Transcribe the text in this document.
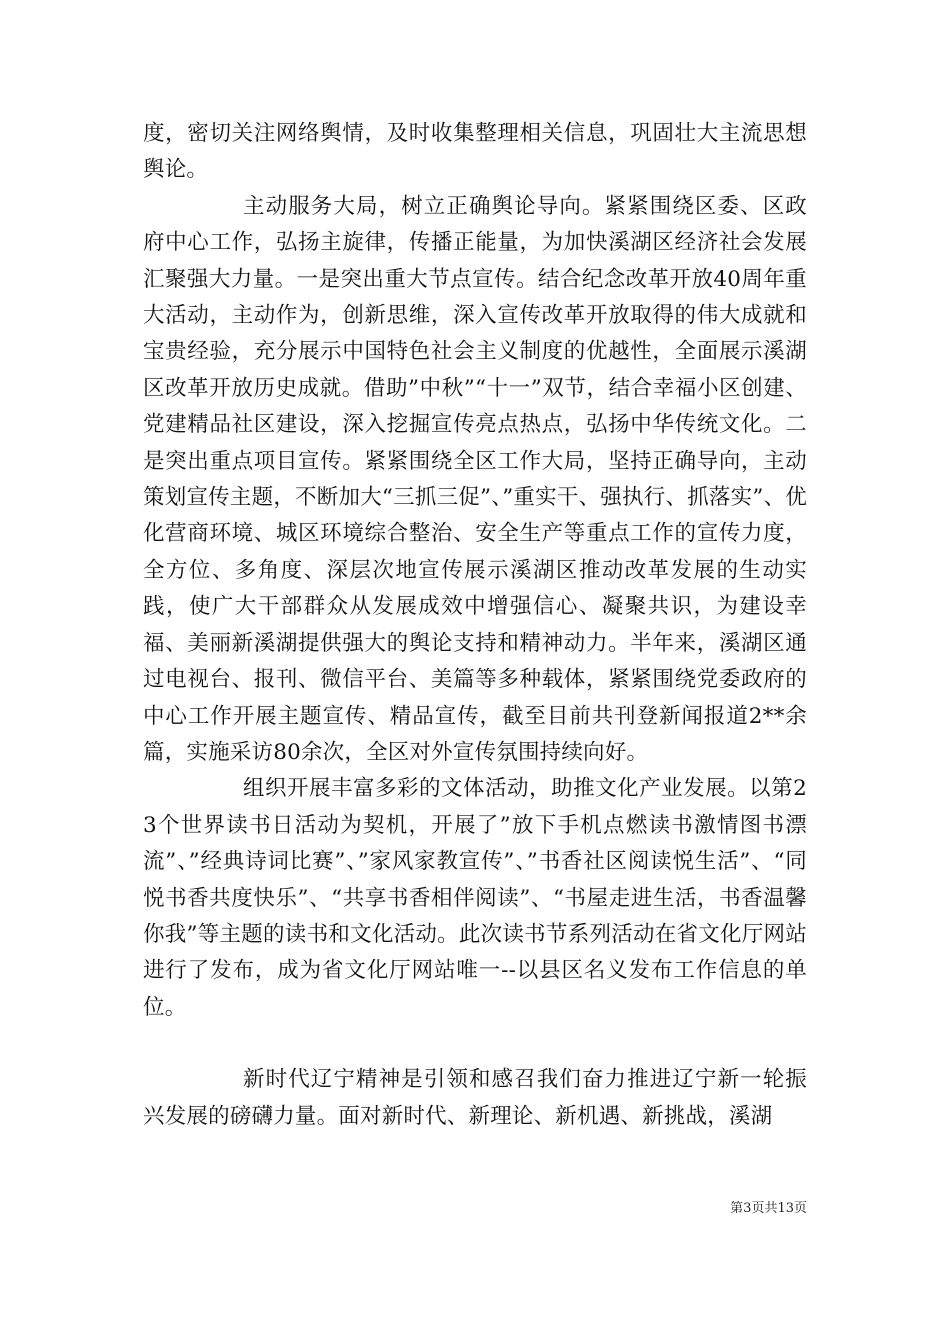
度，密切关注网络舆情，及时收集整理相关信息，巩固壮大主流思想舆论。

主动服务大局，树立正确舆论导向。紧紧围绕区委、区政府中心工作，弘扬主旋律，传播正能量，为加快溪湖区经济社会发展汇聚强大力量。一是突出重大节点宣传。结合纪念改革开放40周年重大活动，主动作为，创新思维，深入宣传改革开放取得的伟大成就和宝贵经验，充分展示中国特色社会主义制度的优越性，全面展示溪湖区改革开放历史成就。借助”中秋”“十一”双节，结合幸福小区创建、党建精品社区建设，深入挖掘宣传亮点热点，弘扬中华传统文化。二是突出重点项目宣传。紧紧围绕全区工作大局，坚持正确导向，主动策划宣传主题，不断加大“三抓三促”、”重实干、强执行、抓落实”、优化营商环境、城区环境综合整治、安全生产等重点工作的宣传力度，全方位、多角度、深层次地宣传展示溪湖区推动改革发展的生动实践，使广大干部群众从发展成效中增强信心、凝聚共识，为建设幸福、美丽新溪湖提供强大的舆论支持和精神动力。半年来，溪湖区通过电视台、报刊、微信平台、美篇等多种载体，紧紧围绕党委政府的中心工作开展主题宣传、精品宣传，截至目前共刊登新闻报道2**余篇，实施采访80余次，全区对外宣传氛围持续向好。

组织开展丰富多彩的文体活动，助推文化产业发展。以第23个世界读书日活动为契机，开展了”放下手机点燃读书激情图书漂流”、”经典诗词比赛”、”家风家教宣传”、”书香社区阅读悦生活”、“同悦书香共度快乐”、“共享书香相伴阅读”、“书屋走进生活，书香温馨你我”等主题的读书和文化活动。此次读书节系列活动在省文化厅网站进行了发布，成为省文化厅网站唯一--以县区名义发布工作信息的单位。

新时代辽宁精神是引领和感召我们奋力推进辽宁新一轮振兴发展的磅礴力量。面对新时代、新理论、新机遇、新挑战，溪湖

第3页共13页
